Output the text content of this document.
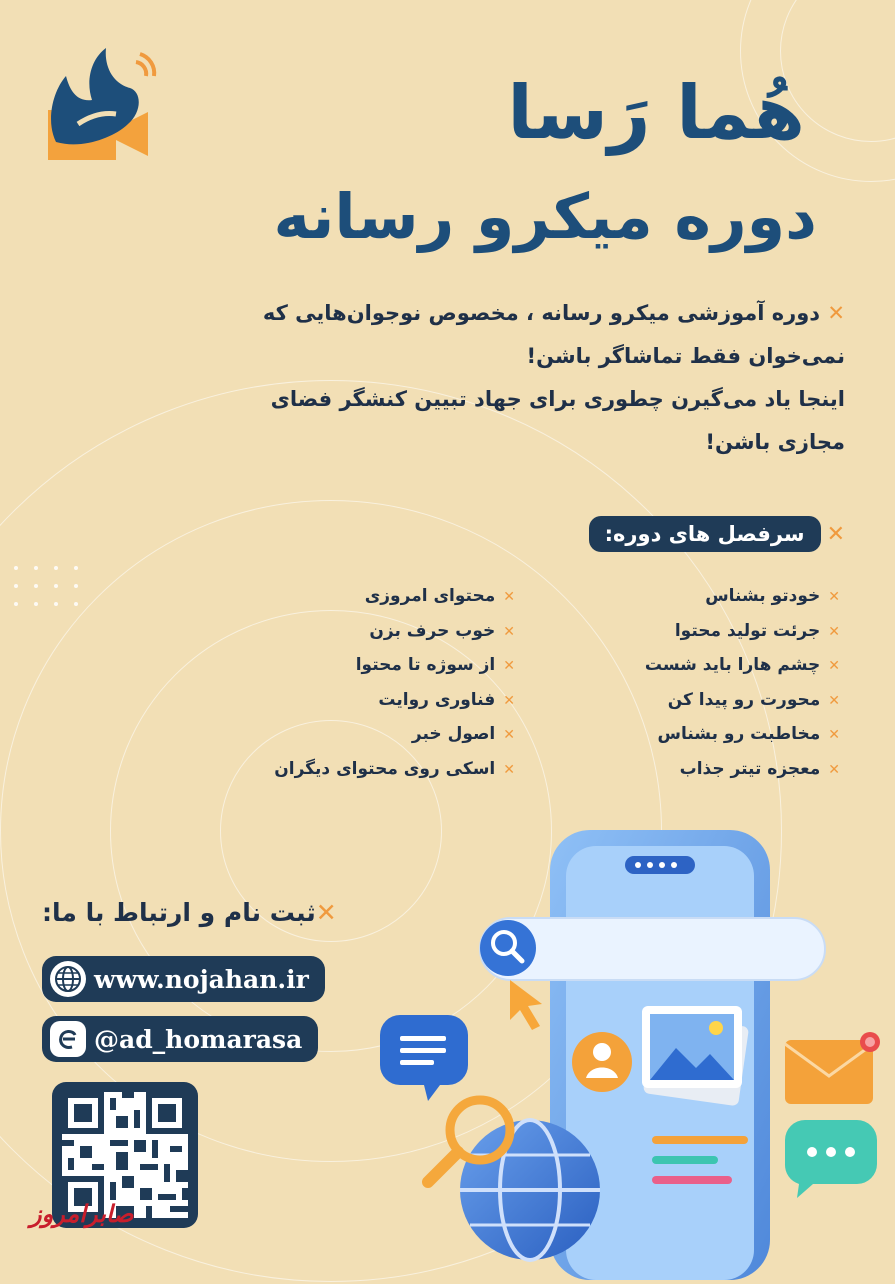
هُما رَسا
دوره میکرو رسانه
✕ دوره آموزشی میکرو رسانه ، مخصوص نوجوان‌هایی که
نمی‌خوان فقط تماشاگر باشن!
اینجا یاد می‌گیرن چطوری برای جهاد تبیین کنشگر فضای
مجازی باشن!
✕
سرفصل های دوره:
✕خودتو بشناس
✕جرئت تولید محتوا
✕چشم هارا باید شست
✕محورت رو پیدا کن
✕مخاطبت رو بشناس
✕معجزه تیتر جذاب
✕محتوای امروزی
✕خوب حرف بزن
✕از سوژه تا محتوا
✕فناوری روایت
✕اصول خبر
✕اسکی روی محتوای دیگران
✕ثبت نام و ارتباط با ما:
www.nojahan.ir
@ad_homarasa
صابرامروز
